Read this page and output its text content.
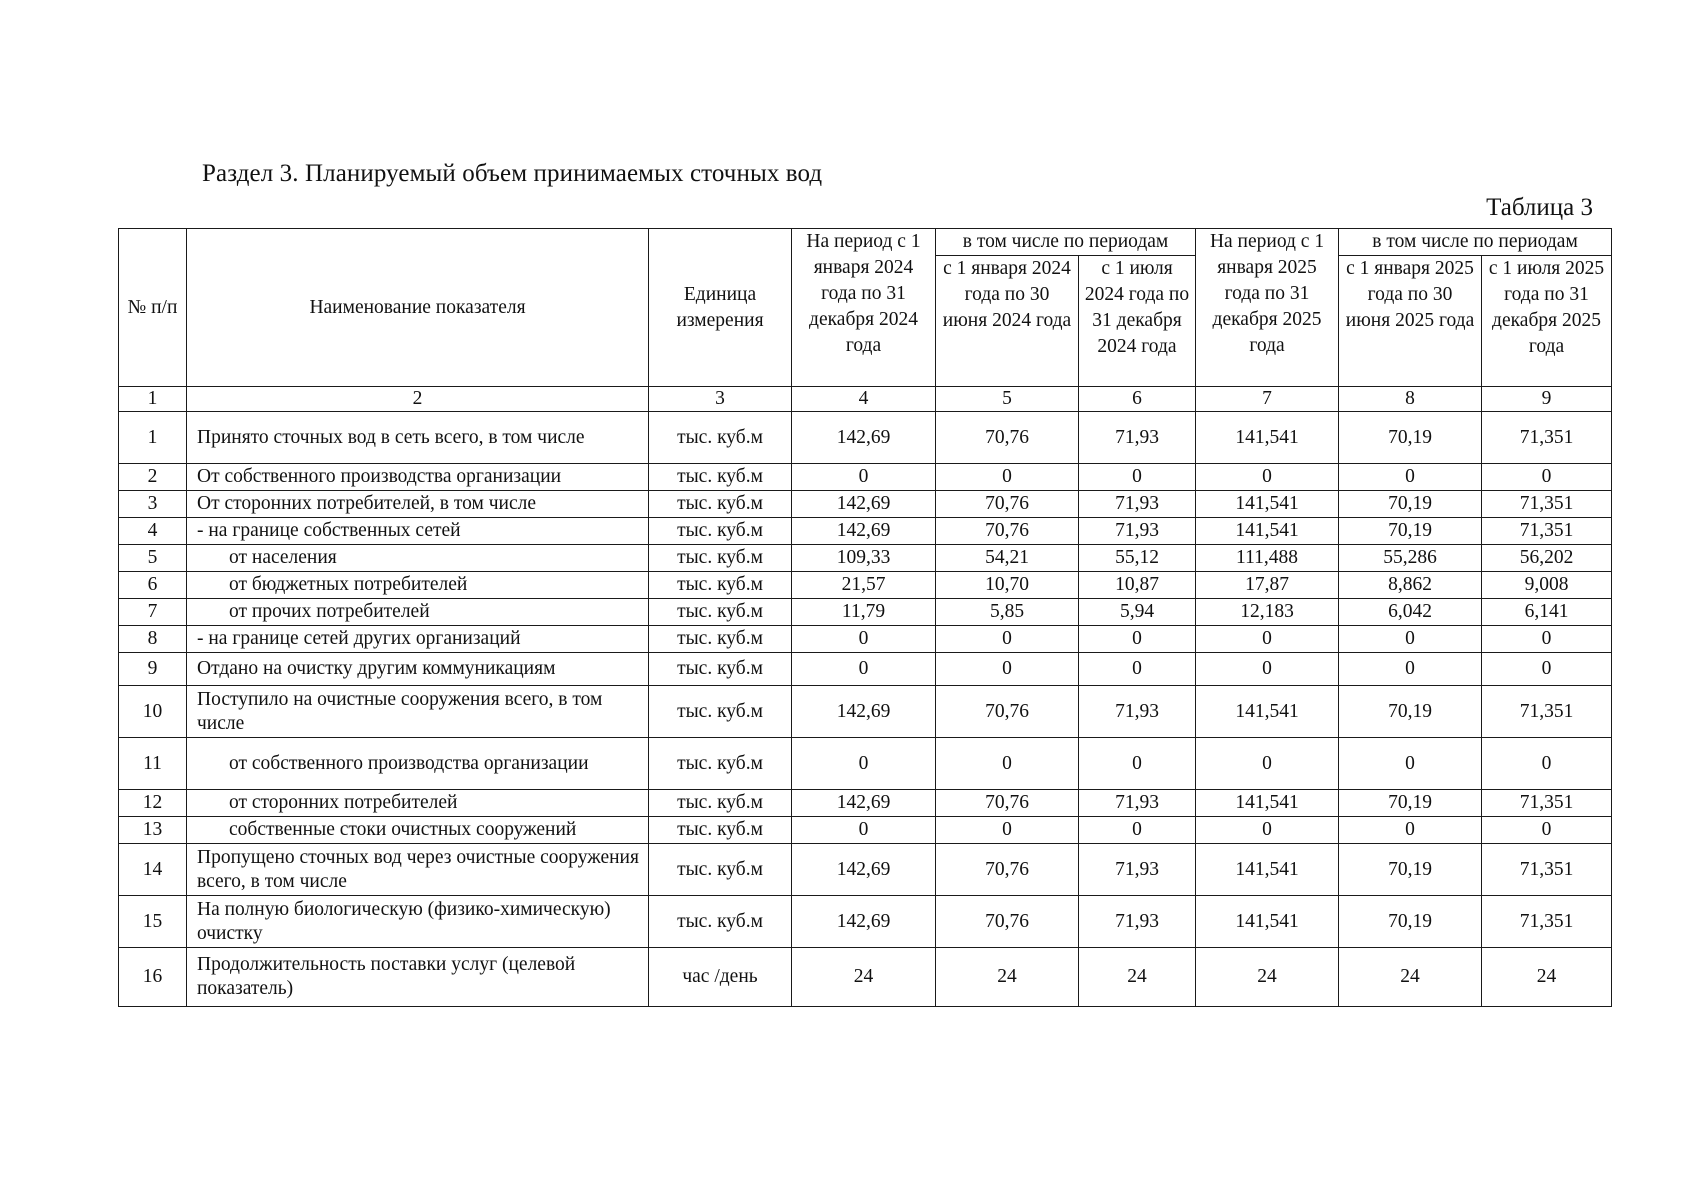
Раздел 3. Планируемый объем принимаемых сточных вод
Таблица 3
№ п/п	Наименование показателя	Единица измерения	На период с 1 января 2024 года по 31 декабря 2024 года	в том числе по периодам		На период с 1 января 2025 года по 31 декабря 2025 года	в том числе по периодам	
				с 1 января 2024 года по 30 июня 2024 года	с 1 июля 2024 года по 31 декабря 2024 года		с 1 января 2025 года по 30 июня 2025 года	с 1 июля 2025 года по 31 декабря 2025 года
1	2	3	4	5	6	7	8	9
1	Принято сточных вод в сеть всего, в том числе	тыс. куб.м	142,69	70,76	71,93	141,541	70,19	71,351
2	От собственного производства организации	тыс. куб.м	0	0	0	0	0	0
3	От сторонних потребителей, в том числе	тыс. куб.м	142,69	70,76	71,93	141,541	70,19	71,351
4	- на границе собственных сетей	тыс. куб.м	142,69	70,76	71,93	141,541	70,19	71,351
5	от населения	тыс. куб.м	109,33	54,21	55,12	111,488	55,286	56,202
6	от бюджетных потребителей	тыс. куб.м	21,57	10,70	10,87	17,87	8,862	9,008
7	от прочих потребителей	тыс. куб.м	11,79	5,85	5,94	12,183	6,042	6,141
8	- на границе сетей других организаций	тыс. куб.м	0	0	0	0	0	0
9	Отдано на очистку другим коммуникациям	тыс. куб.м	0	0	0	0	0	0
10	Поступило на очистные сооружения всего, в том числе	тыс. куб.м	142,69	70,76	71,93	141,541	70,19	71,351
11	от собственного производства организации	тыс. куб.м	0	0	0	0	0	0
12	от сторонних потребителей	тыс. куб.м	142,69	70,76	71,93	141,541	70,19	71,351
13	собственные стоки очистных сооружений	тыс. куб.м	0	0	0	0	0	0
14	Пропущено сточных вод через очистные сооружения всего, в том числе	тыс. куб.м	142,69	70,76	71,93	141,541	70,19	71,351
15	На полную биологическую (физико-химическую) очистку	тыс. куб.м	142,69	70,76	71,93	141,541	70,19	71,351
16	Продолжительность поставки услуг (целевой показатель)	час /день	24	24	24	24	24	24
